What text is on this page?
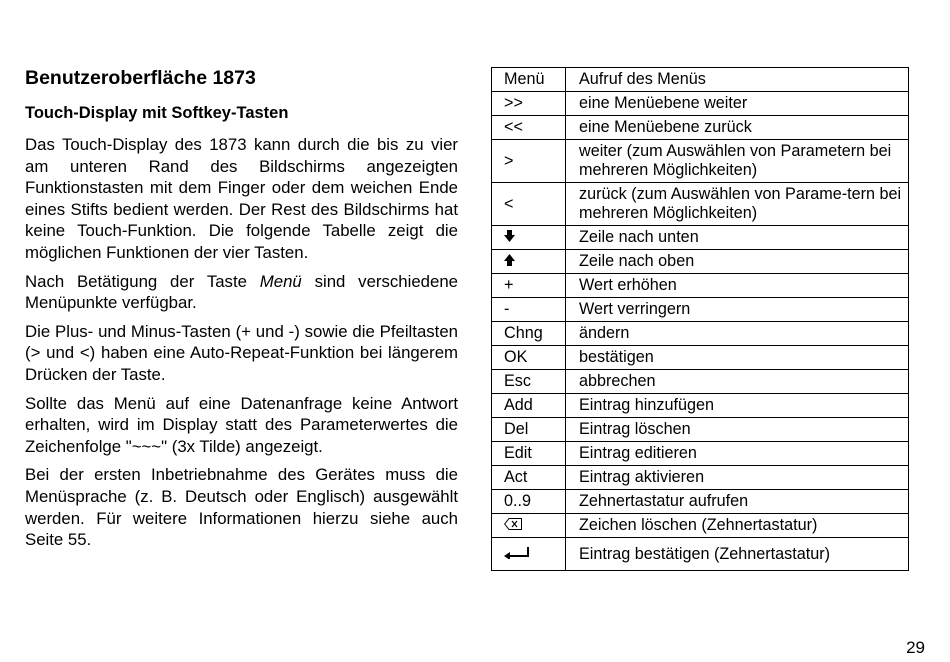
Benutzeroberfläche 1873
Touch-Display mit Softkey-Tasten

Das Touch-Display des 1873 kann durch die bis zu vier am unteren Rand des Bildschirms angezeigten Funktionstasten mit dem Finger oder dem weichen Ende eines Stifts bedient werden. Der Rest des Bildschirms hat keine Touch-Funktion. Die folgende Tabelle zeigt die möglichen Funktionen der vier Tasten.

Nach Betätigung der Taste Menü sind verschiedene Menüpunkte verfügbar.

Die Plus- und Minus-Tasten (+ und -) sowie die Pfeiltasten (> und <) haben eine Auto-Repeat-Funktion bei längerem Drücken der Taste.

Sollte das Menü auf eine Datenanfrage keine Antwort erhalten, wird im Display statt des Parameterwertes die Zeichenfolge "~~~" (3x Tilde) angezeigt.

Bei der ersten Inbetriebnahme des Gerätes muss die Menüsprache (z. B. Deutsch oder Englisch) ausgewählt werden. Für weitere Informationen hierzu siehe auch Seite 55.

Menü	Aufruf des Menüs
>>	eine Menüebene weiter
<<	eine Menüebene zurück
>	weiter (zum Auswählen von Parametern bei mehreren Möglichkeiten)
<	zurück (zum Auswählen von Parame-tern bei mehreren Möglichkeiten)
	Zeile nach unten
	Zeile nach oben
+	Wert erhöhen
-	Wert verringern
Chng	ändern
OK	bestätigen
Esc	abbrechen
Add	Eintrag hinzufügen
Del	Eintrag löschen
Edit	Eintrag editieren
Act	Eintrag aktivieren
0..9	Zehnertastatur aufrufen
	Zeichen löschen (Zehnertastatur)
	Eintrag bestätigen (Zehnertastatur)
29
